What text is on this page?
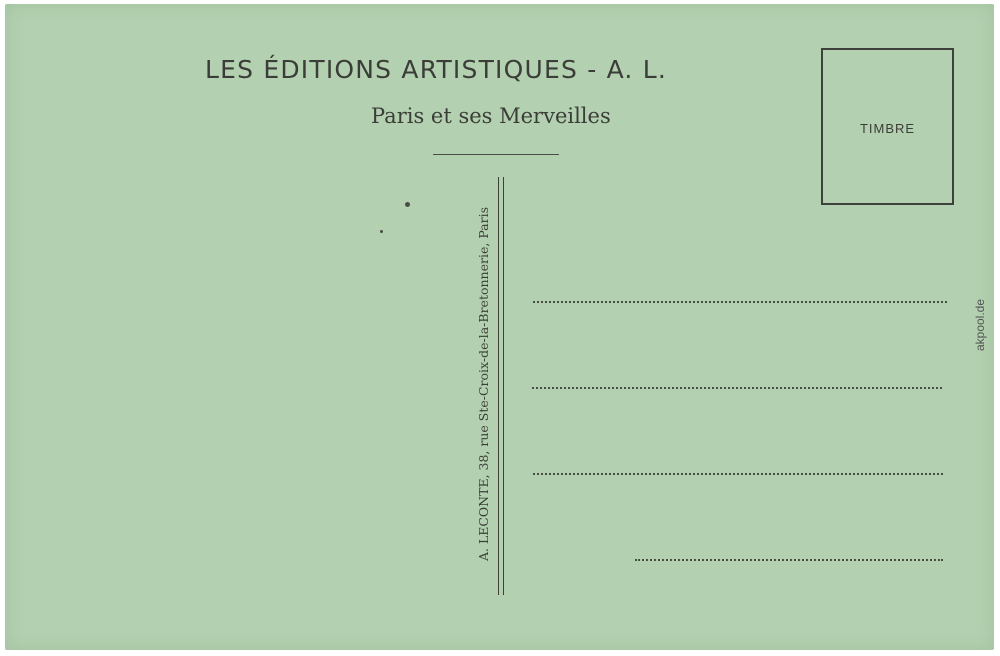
LES ÉDITIONS ARTISTIQUES - A. L.
Paris et ses Merveilles
TIMBRE
A. LECONTE, 38, rue Ste-Croix-de-la-Bretonnerie, Paris	akpool.de
